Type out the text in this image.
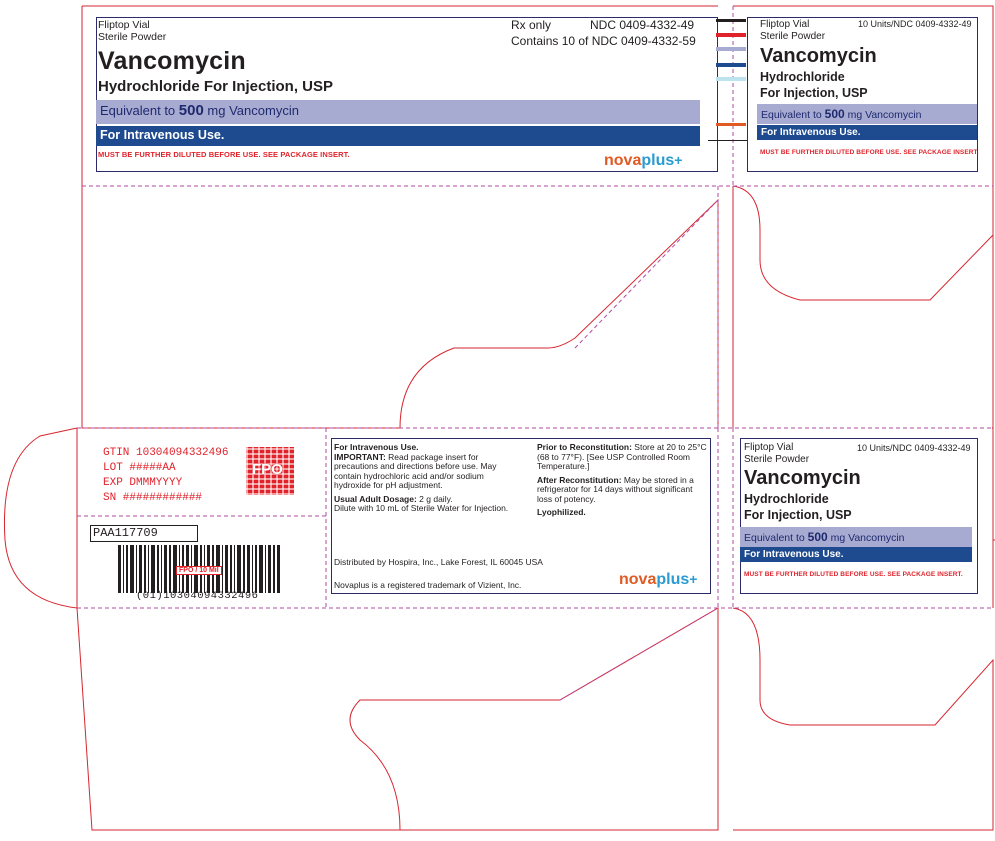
Fliptop Vial
Sterile Powder
Rx only	NDC 0409-4332-49
Contains 10 of NDC 0409-4332-59
Vancomycin
Hydrochloride For Injection, USP
Equivalent to 500 mg Vancomycin
For Intravenous Use.
MUST BE FURTHER DILUTED BEFORE USE. SEE PACKAGE INSERT.	novaplus+
Fliptop Vial
Sterile Powder
10 Units/NDC 0409-4332-49
Vancomycin
Hydrochloride
For Injection, USP
Equivalent to 500 mg Vancomycin
For Intravenous Use.
MUST BE FURTHER DILUTED BEFORE USE. SEE PACKAGE INSERT.
GTIN 10304094332496
LOT #####AA
EXP DMMMYYYY
SN ############
FPO
PAA117709
FPO / 10 Mil
(01)10304094332496
For Intravenous Use.
IMPORTANT: Read package insert for precautions and directions before use. May contain hydrochloric acid and/or sodium hydroxide for pH adjustment.
Usual Adult Dosage: 2 g daily.
Dilute with 10 mL of Sterile Water for Injection.
Prior to Reconstitution: Store at 20 to 25°C (68 to 77°F). [See USP Controlled Room Temperature.]
After Reconstitution: May be stored in a refrigerator for 14 days without significant loss of potency.
Lyophilized.
Distributed by Hospira, Inc., Lake Forest, IL 60045 USA
Novaplus is a registered trademark of Vizient, Inc.	novaplus+
Fliptop Vial
Sterile Powder
10 Units/NDC 0409-4332-49
Vancomycin
Hydrochloride
For Injection, USP
Equivalent to 500 mg Vancomycin
For Intravenous Use.
MUST BE FURTHER DILUTED BEFORE USE. SEE PACKAGE INSERT.
